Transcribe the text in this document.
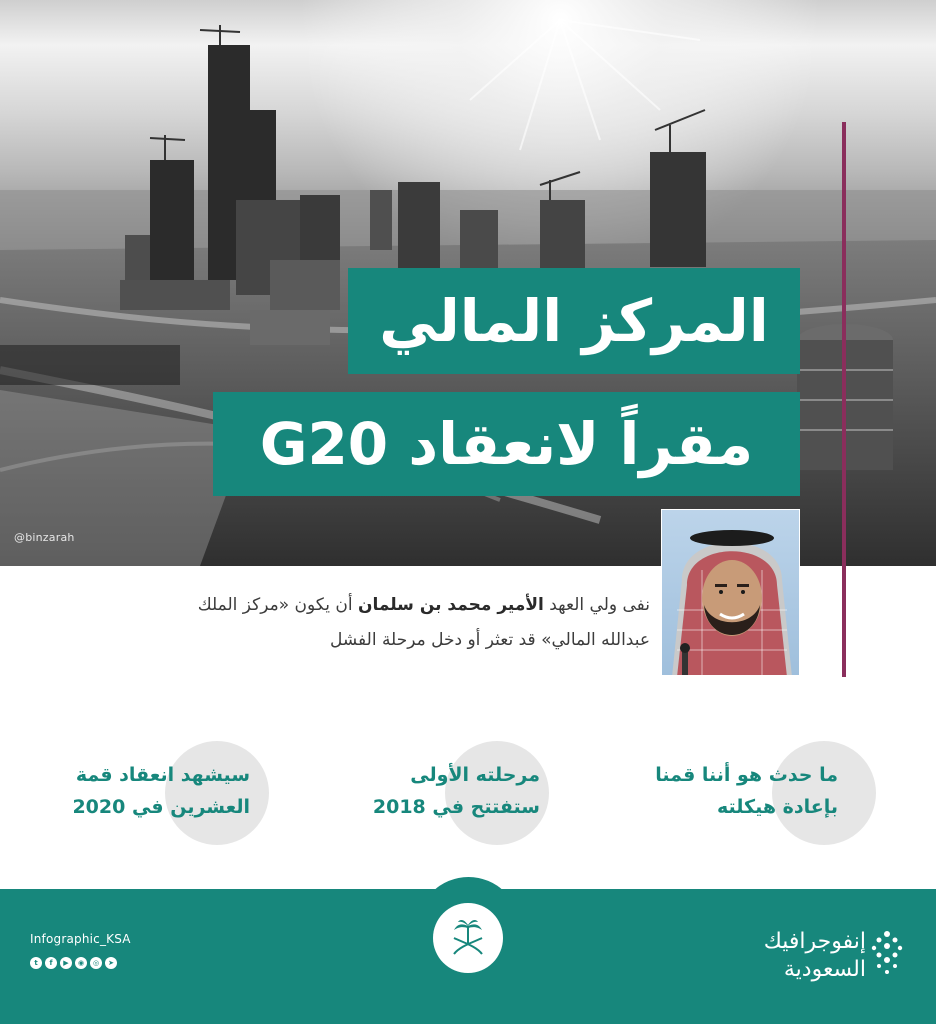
@binzarah
المركز المالي
مقراً لانعقاد G20
نفى ولي العهد الأمير محمد بن سلمان أن يكون «مركز الملك عبدالله المالي» قد تعثر أو دخل مرحلة الفشل
ما حدث هو أننا قمنا
بإعادة هيكلته
مرحلته الأولى
ستفتتح في 2018
سيشهد انعقاد قمة
العشرين في 2020
Infographic_KSA
t	f	▶	◉	◎	➤
إنفوجرافيك
السعودية
